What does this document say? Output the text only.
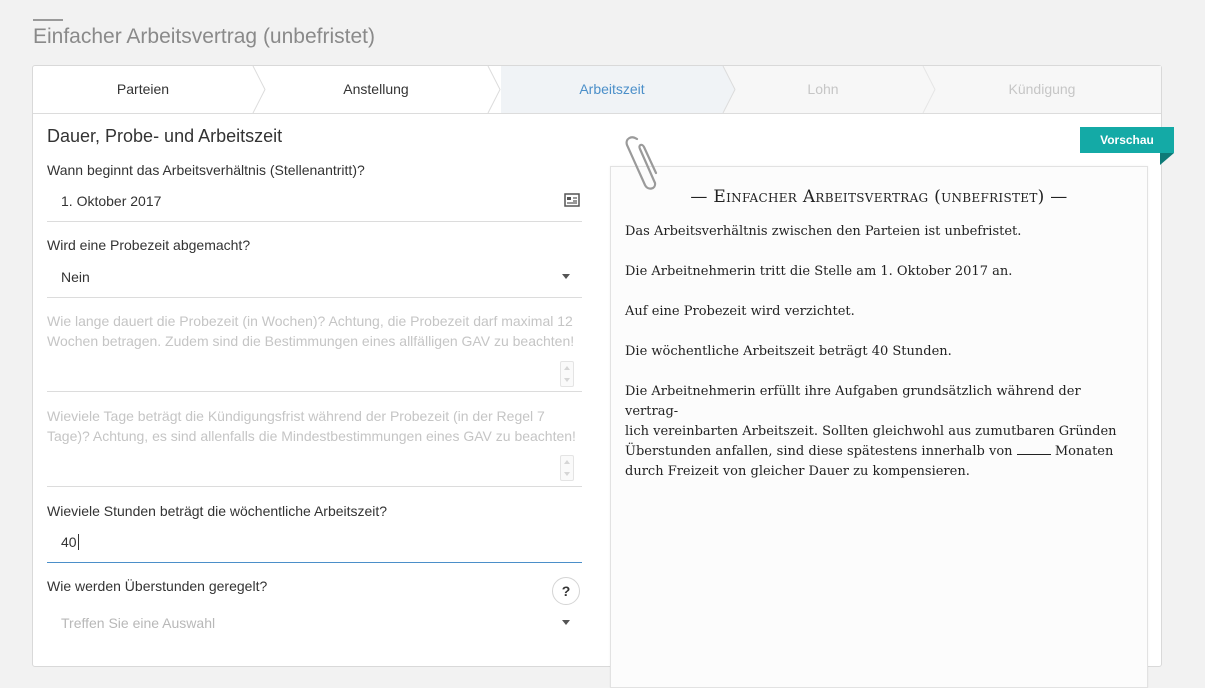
Einfacher Arbeitsvertrag (unbefristet)
Parteien	Anstellung	Arbeitszeit	Lohn	Kündigung
Dauer, Probe- und Arbeitszeit
Wann beginnt das Arbeitsverhältnis (Stellenantritt)?
1. Oktober 2017
Wird eine Probezeit abgemacht?
Nein
Wie lange dauert die Probezeit (in Wochen)? Achtung, die Probezeit darf maximal 12 Wochen betragen. Zudem sind die Bestimmungen eines allfälligen GAV zu beachten!
Wieviele Tage beträgt die Kündigungsfrist während der Probezeit (in der Regel 7 Tage)? Achtung, es sind allenfalls die Mindestbestimmungen eines GAV zu beachten!
Wieviele Stunden beträgt die wöchentliche Arbeitszeit?
40
Wie werden Überstunden geregelt?	?
Treffen Sie eine Auswahl
— Einfacher Arbeitsvertrag (unbefristet) —

Das Arbeitsverhältnis zwischen den Parteien ist unbefristet.

Die Arbeitnehmerin tritt die Stelle am 1. Oktober 2017 an.

Auf eine Probezeit wird verzichtet.

Die wöchentliche Arbeitszeit beträgt 40 Stunden.

Die Arbeitnehmerin erfüllt ihre Aufgaben grundsätzlich während der vertrag-
lich vereinbarten Arbeitszeit. Sollten gleichwohl aus zumutbaren Gründen
Überstunden anfallen, sind diese spätestens innerhalb von	Monaten
durch Freizeit von gleicher Dauer zu kompensieren.

Vorschau
